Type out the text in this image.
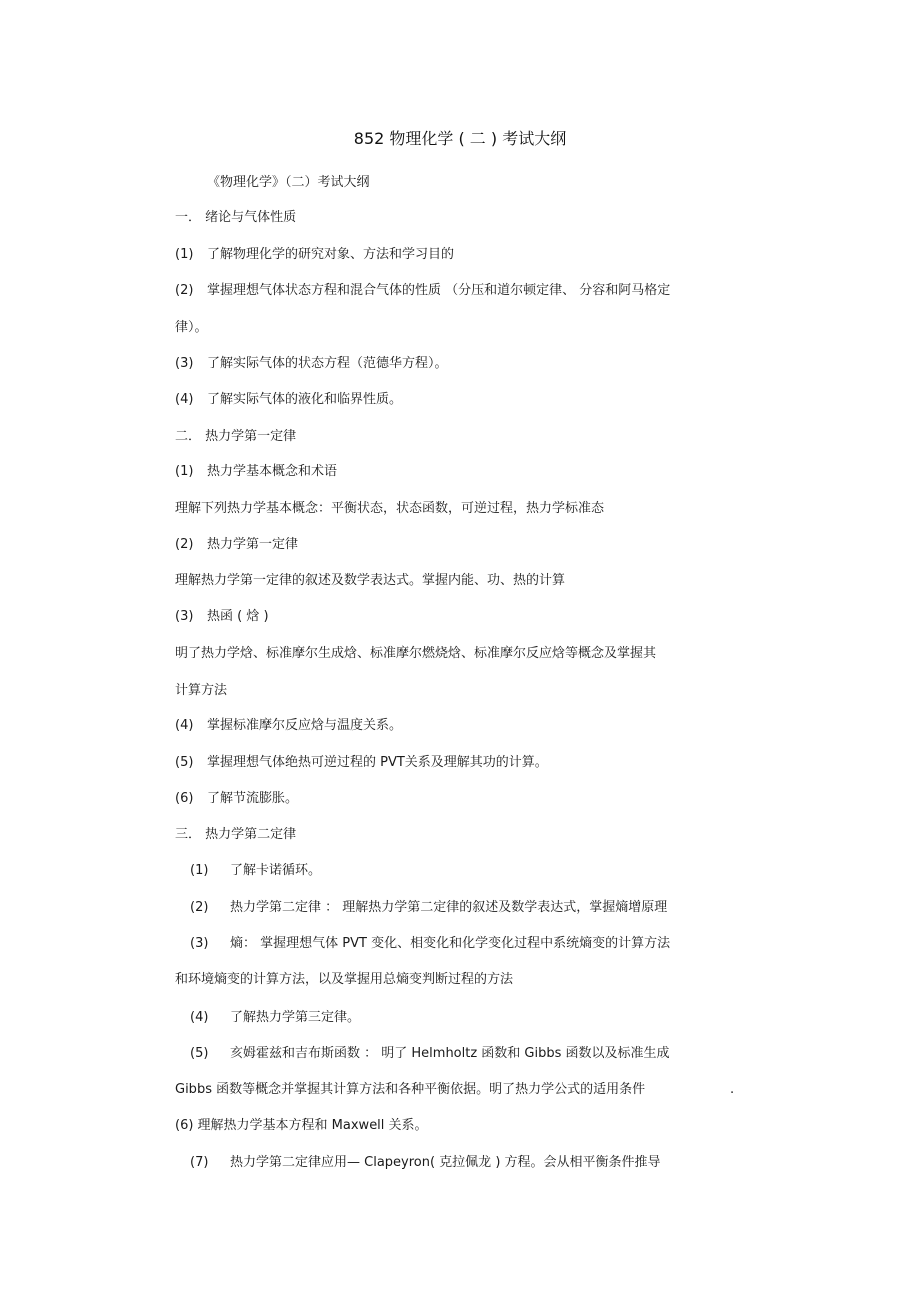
852 物理化学 ( 二 ) 考试大纲
《物理化学》（二）考试大纲
一． 绪论与气体性质
(1) 了解物理化学的研究对象、方法和学习目的
(2) 掌握理想气体状态方程和混合气体的性质 （分压和道尔顿定律、 分容和阿马格定
律）。
(3) 了解实际气体的状态方程（范德华方程）。
(4) 了解实际气体的液化和临界性质。
二． 热力学第一定律
(1) 热力学基本概念和术语
理解下列热力学基本概念：平衡状态，状态函数，可逆过程，热力学标准态
(2) 热力学第一定律
理解热力学第一定律的叙述及数学表达式。掌握内能、功、热的计算
(3) 热函 ( 焓 )
明了热力学焓、标准摩尔生成焓、标准摩尔燃烧焓、标准摩尔反应焓等概念及掌握其
计算方法
(4) 掌握标准摩尔反应焓与温度关系。
(5) 掌握理想气体绝热可逆过程的 PVT关系及理解其功的计算。
(6) 了解节流膨胀。
三． 热力学第二定律
(1) 了解卡诺循环。
(2) 热力学第二定律 ： 理解热力学第二定律的叙述及数学表达式，掌握熵增原理
(3) 熵： 掌握理想气体 PVT 变化、相变化和化学变化过程中系统熵变的计算方法
和环境熵变的计算方法，以及掌握用总熵变判断过程的方法
(4) 了解热力学第三定律。
(5) 亥姆霍兹和吉布斯函数 ： 明了 Helmholtz 函数和 Gibbs 函数以及标准生成
Gibbs 函数等概念并掌握其计算方法和各种平衡依据。明了热力学公式的适用条件	.
(6) 理解热力学基本方程和 Maxwell 关系。
(7) 热力学第二定律应用— Clapeyron( 克拉佩龙 ) 方程。会从相平衡条件推导
